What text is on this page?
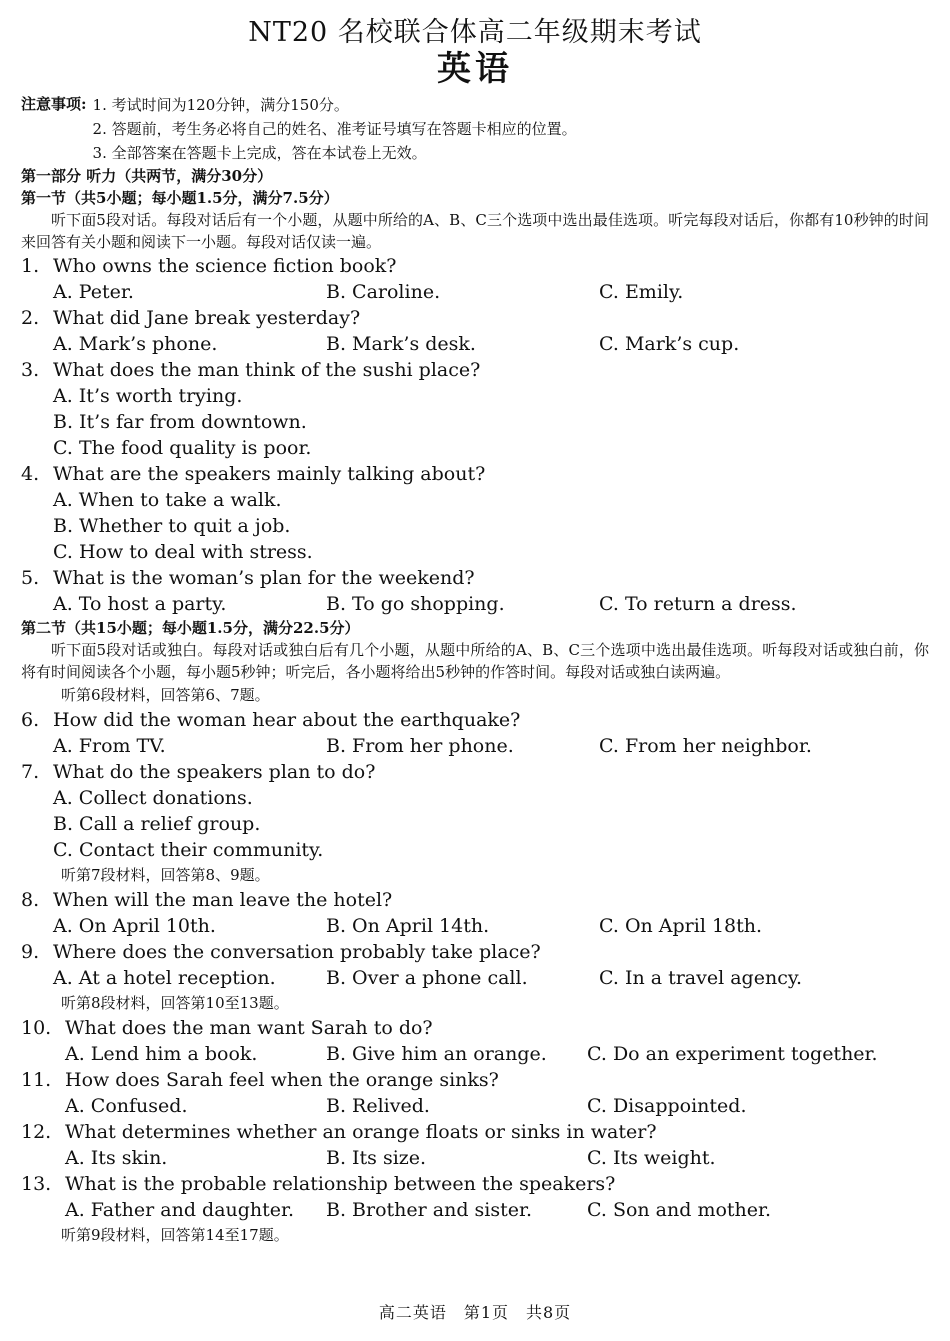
NT20 名校联合体高二年级期末考试
英语
注意事项: 1. 考试时间为120分钟，满分150分。
2. 答题前，考生务必将自己的姓名、准考证号填写在答题卡相应的位置。
3. 全部答案在答题卡上完成，答在本试卷上无效。
第一部分 听力（共两节，满分30分）
第一节（共5小题；每小题1.5分，满分7.5分）
听下面5段对话。每段对话后有一个小题，从题中所给的A、B、C三个选项中选出最佳选项。听完每段对话后，你都有10秒钟的时间来回答有关小题和阅读下一小题。每段对话仅读一遍。
1. Who owns the science fiction book?
A. Peter.	B. Caroline.	C. Emily.
2. What did Jane break yesterday?
A. Mark’s phone.	B. Mark’s desk.	C. Mark’s cup.
3. What does the man think of the sushi place?
A. It’s worth trying.
B. It’s far from downtown.
C. The food quality is poor.
4. What are the speakers mainly talking about?
A. When to take a walk.
B. Whether to quit a job.
C. How to deal with stress.
5. What is the woman’s plan for the weekend?
A. To host a party.	B. To go shopping.	C. To return a dress.
第二节（共15小题；每小题1.5分，满分22.5分）
听下面5段对话或独白。每段对话或独白后有几个小题，从题中所给的A、B、C三个选项中选出最佳选项。听每段对话或独白前，你将有时间阅读各个小题，每小题5秒钟；听完后，各小题将给出5秒钟的作答时间。每段对话或独白读两遍。
听第6段材料，回答第6、7题。
6. How did the woman hear about the earthquake?
A. From TV.	B. From her phone.	C. From her neighbor.
7. What do the speakers plan to do?
A. Collect donations.
B. Call a relief group.
C. Contact their community.
听第7段材料，回答第8、9题。
8. When will the man leave the hotel?
A. On April 10th.	B. On April 14th.	C. On April 18th.
9. Where does the conversation probably take place?
A. At a hotel reception.	B. Over a phone call.	C. In a travel agency.
听第8段材料，回答第10至13题。
10. What does the man want Sarah to do?
A. Lend him a book.	B. Give him an orange.	C. Do an experiment together.
11. How does Sarah feel when the orange sinks?
A. Confused.	B. Relived.	C. Disappointed.
12. What determines whether an orange floats or sinks in water?
A. Its skin.	B. Its size.	C. Its weight.
13. What is the probable relationship between the speakers?
A. Father and daughter.	B. Brother and sister.	C. Son and mother.
听第9段材料，回答第14至17题。
高二英语　第1页　共8页
